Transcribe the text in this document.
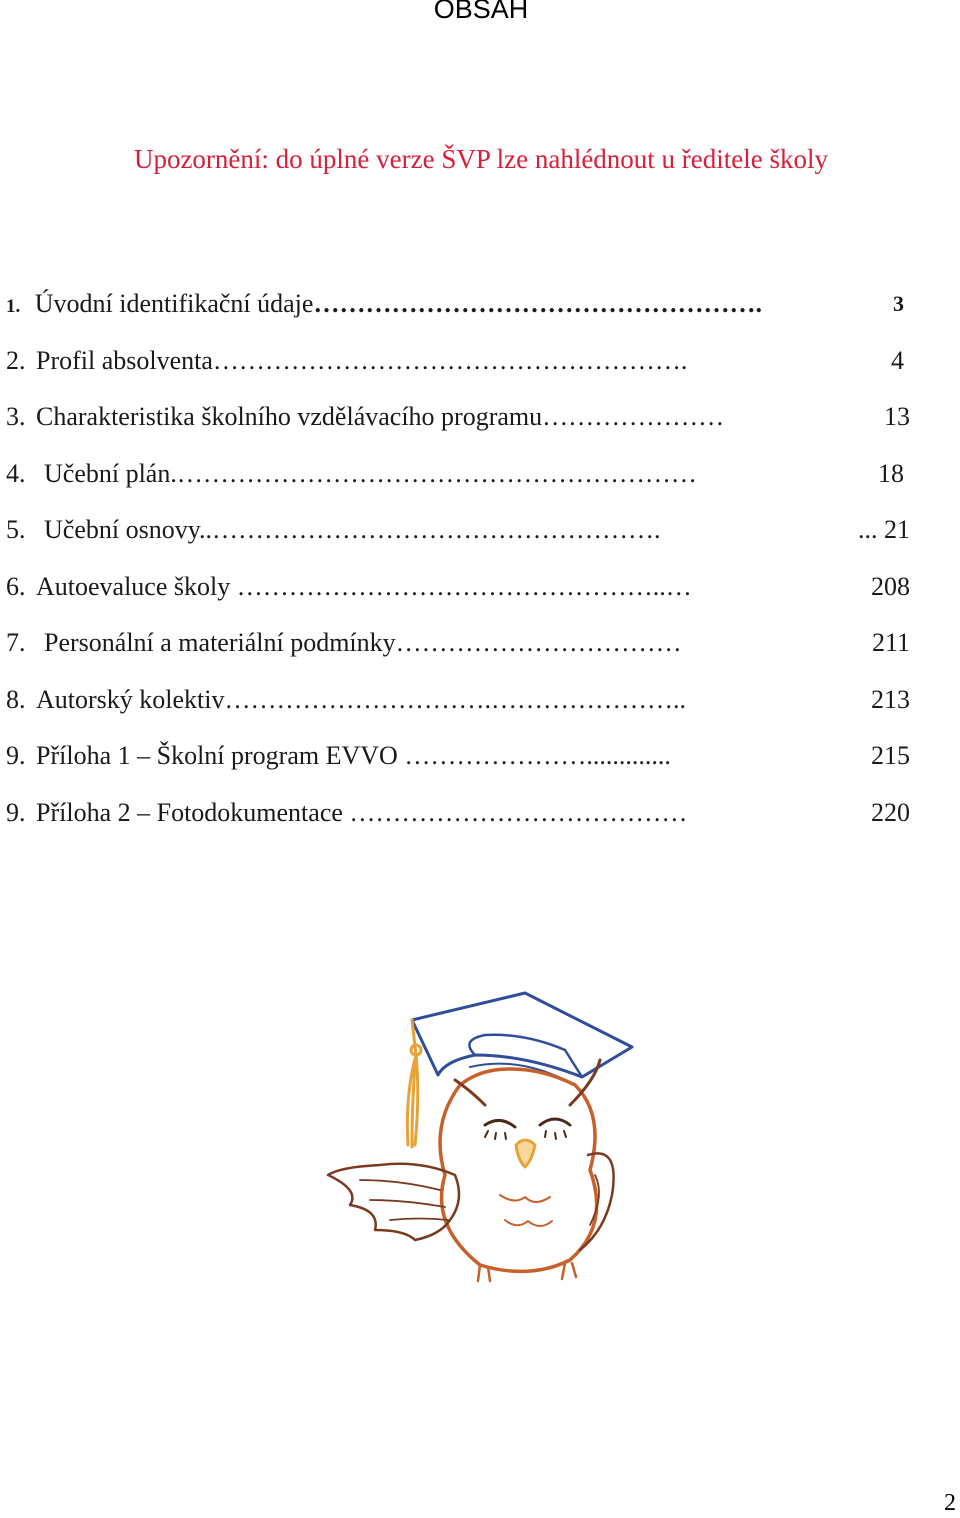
OBSAH
Upozornění: do úplné verze ŠVP lze nahlédnout u ředitele školy
1. Úvodní identifikační údaje…………………………………………….	3
2. Profil absolventa……………………………………………….	4
3. Charakteristika školního vzdělávacího programu…………………	13
4. Učební plán.……………………………………………………	18
5. Učební osnovy..…………………………………………….	... 21
6. Autoevaluce školy …………………………………………..…	208
7. Personální a materiální podmínky……………………………	211
8. Autorský kolektiv………………………….…………………..	213
9. Příloha 1 – Školní program EVVO ………………….............	215
9. Příloha 2 – Fotodokumentace …………………………………	220
2
